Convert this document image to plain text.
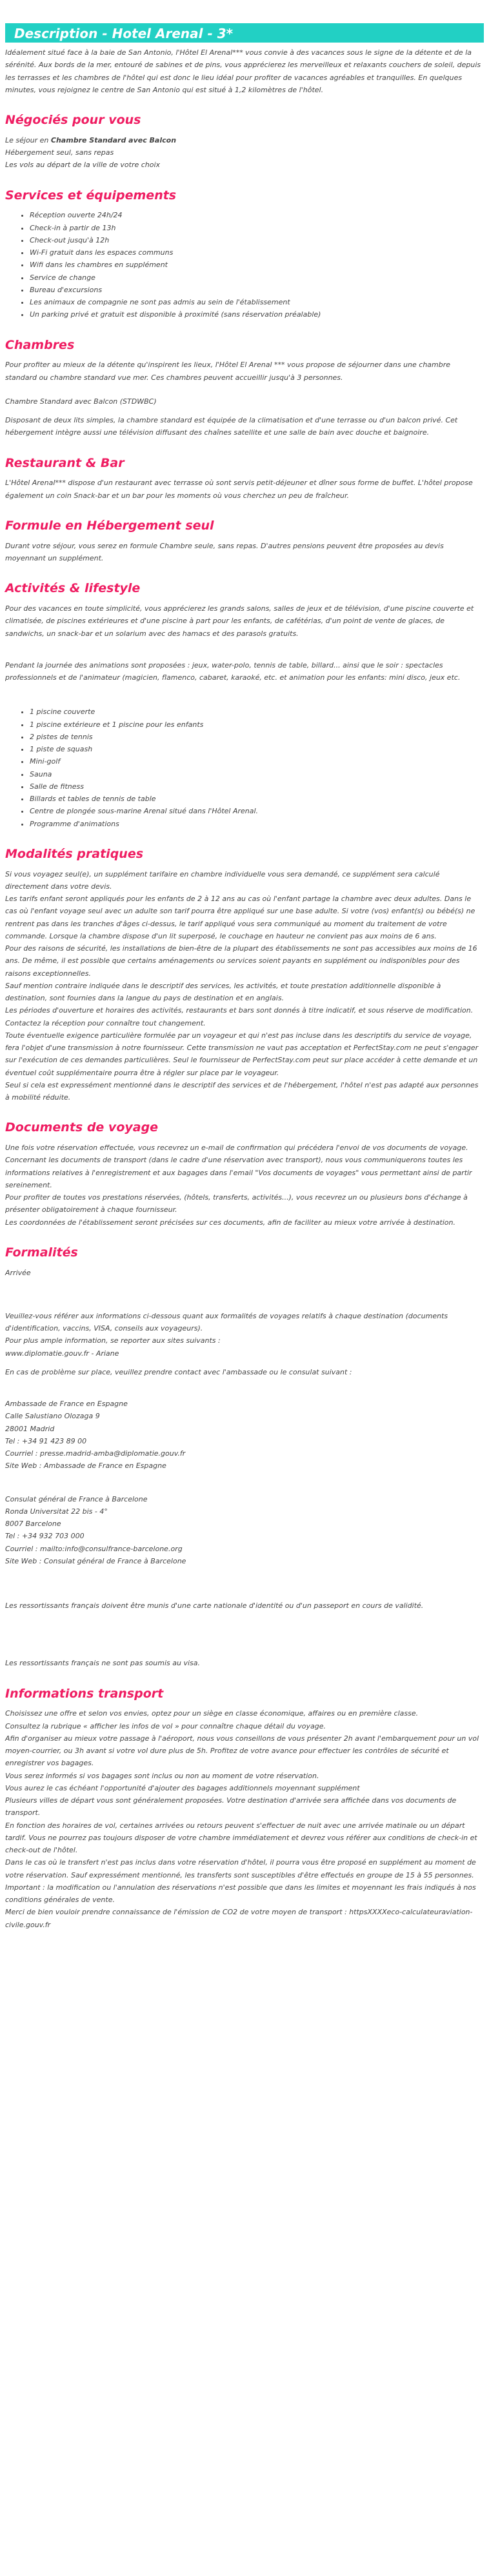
Description - Hotel Arenal - 3*

Idéalement situé face à la baie de San Antonio, l'Hôtel El Arenal*** vous convie à des vacances sous le signe de la détente et de la sérénité. Aux bords de la mer, entouré de sabines et de pins, vous apprécierez les merveilleux et relaxants couchers de soleil, depuis les terrasses et les chambres de l'hôtel qui est donc le lieu idéal pour profiter de vacances agréables et tranquilles. En quelques minutes, vous rejoignez le centre de San Antonio qui est situé à 1,2 kilomètres de l'hôtel.

Négociés pour vous
Le séjour en Chambre Standard avec Balcon
Hébergement seul, sans repas
Les vols au départ de la ville de votre choix
Services et équipements
• Réception ouverte 24h/24
• Check-in à partir de 13h
• Check-out jusqu'à 12h
• Wi-Fi gratuit dans les espaces communs
• Wifi dans les chambres en supplément
• Service de change
• Bureau d'excursions
• Les animaux de compagnie ne sont pas admis au sein de l'établissement
• Un parking privé et gratuit est disponible à proximité (sans réservation préalable)
Chambres

Pour profiter au mieux de la détente qu'inspirent les lieux, l'Hôtel El Arenal *** vous propose de séjourner dans une chambre standard ou chambre standard vue mer. Ces chambres peuvent accueillir jusqu'à 3 personnes.

Chambre Standard avec Balcon (STDWBC)

Disposant de deux lits simples, la chambre standard est équipée de la climatisation et d'une terrasse ou d'un balcon privé. Cet hébergement intègre aussi une télévision diffusant des chaînes satellite et une salle de bain avec douche et baignoire.

Restaurant & Bar

L'Hôtel Arenal*** dispose d'un restaurant avec terrasse où sont servis petit-déjeuner et dîner sous forme de buffet. L'hôtel propose également un coin Snack-bar et un bar pour les moments où vous cherchez un peu de fraîcheur.

Formule en Hébergement seul

Durant votre séjour, vous serez en formule Chambre seule, sans repas. D'autres pensions peuvent être proposées au devis moyennant un supplément.

Activités & lifestyle

Pour des vacances en toute simplicité, vous apprécierez les grands salons, salles de jeux et de télévision, d'une piscine couverte et climatisée, de piscines extérieures et d'une piscine à part pour les enfants, de cafétérias, d'un point de vente de glaces, de sandwichs, un snack-bar et un solarium avec des hamacs et des parasols gratuits.

Pendant la journée des animations sont proposées : jeux, water-polo, tennis de table, billard... ainsi que le soir : spectacles professionnels et de l'animateur (magicien, flamenco, cabaret, karaoké, etc. et animation pour les enfants: mini disco, jeux etc.

• 1 piscine couverte
• 1 piscine extérieure et 1 piscine pour les enfants
• 2 pistes de tennis
• 1 piste de squash
• Mini-golf
• Sauna
• Salle de fitness
• Billards et tables de tennis de table
• Centre de plongée sous-marine Arenal situé dans l'Hôtel Arenal.
• Programme d'animations
Modalités pratiques
Si vous voyagez seul(e), un supplément tarifaire en chambre individuelle vous sera demandé, ce supplément sera calculé directement dans votre devis.
Les tarifs enfant seront appliqués pour les enfants de 2 à 12 ans au cas où l'enfant partage la chambre avec deux adultes. Dans le cas où l'enfant voyage seul avec un adulte son tarif pourra être appliqué sur une base adulte. Si votre (vos) enfant(s) ou bébé(s) ne rentrent pas dans les tranches d'âges ci-dessus, le tarif appliqué vous sera communiqué au moment du traitement de votre commande. Lorsque la chambre dispose d'un lit superposé, le couchage en hauteur ne convient pas aux moins de 6 ans.
Pour des raisons de sécurité, les installations de bien-être de la plupart des établissements ne sont pas accessibles aux moins de 16 ans. De même, il est possible que certains aménagements ou services soient payants en supplément ou indisponibles pour des raisons exceptionnelles.
Sauf mention contraire indiquée dans le descriptif des services, les activités, et toute prestation additionnelle disponible à destination, sont fournies dans la langue du pays de destination et en anglais.
Les périodes d'ouverture et horaires des activités, restaurants et bars sont donnés à titre indicatif, et sous réserve de modification. Contactez la réception pour connaître tout changement.
Toute éventuelle exigence particulière formulée par un voyageur et qui n'est pas incluse dans les descriptifs du service de voyage, fera l'objet d'une transmission à notre fournisseur. Cette transmission ne vaut pas acceptation et PerfectStay.com ne peut s'engager sur l'exécution de ces demandes particulières. Seul le fournisseur de PerfectStay.com peut sur place accéder à cette demande et un éventuel coût supplémentaire pourra être à régler sur place par le voyageur.
Seul si cela est expressément mentionné dans le descriptif des services et de l'hébergement, l'hôtel n'est pas adapté aux personnes à mobilité réduite.
Documents de voyage
Une fois votre réservation effectuée, vous recevrez un e-mail de confirmation qui précédera l'envoi de vos documents de voyage.
Concernant les documents de transport (dans le cadre d'une réservation avec transport), nous vous communiquerons toutes les informations relatives à l'enregistrement et aux bagages dans l'email "Vos documents de voyages" vous permettant ainsi de partir sereinement.
Pour profiter de toutes vos prestations réservées, (hôtels, transferts, activités...), vous recevrez un ou plusieurs bons d'échange à présenter obligatoirement à chaque fournisseur.
Les coordonnées de l'établissement seront précisées sur ces documents, afin de faciliter au mieux votre arrivée à destination.
Formalités

Arrivée

Veuillez-vous référer aux informations ci-dessous quant aux formalités de voyages relatifs à chaque destination (documents d'identification, vaccins, VISA, conseils aux voyageurs).
Pour plus ample information, se reporter aux sites suivants :
www.diplomatie.gouv.fr - Ariane

En cas de problème sur place, veuillez prendre contact avec l'ambassade ou le consulat suivant :

Ambassade de France en Espagne
Calle Salustiano Olozaga 9
28001 Madrid
Tel : +34 91 423 89 00
Courriel : presse.madrid-amba@diplomatie.gouv.fr
Site Web : Ambassade de France en Espagne
Consulat général de France à Barcelone
Ronda Universitat 22 bis - 4°
8007 Barcelone
Tel : +34 932 703 000
Courriel : mailto:info@consulfrance-barcelone.org
Site Web : Consulat général de France à Barcelone

Les ressortissants français doivent être munis d'une carte nationale d'identité ou d'un passeport en cours de validité.

Les ressortissants français ne sont pas soumis au visa.

Informations transport
Choisissez une offre et selon vos envies, optez pour un siège en classe économique, affaires ou en première classe.
Consultez la rubrique « afficher les infos de vol » pour connaître chaque détail du voyage.
Afin d'organiser au mieux votre passage à l'aéroport, nous vous conseillons de vous présenter 2h avant l'embarquement pour un vol moyen-courrier, ou 3h avant si votre vol dure plus de 5h. Profitez de votre avance pour effectuer les contrôles de sécurité et enregistrer vos bagages.
Vous serez informés si vos bagages sont inclus ou non au moment de votre réservation.
Vous aurez le cas échéant l'opportunité d'ajouter des bagages additionnels moyennant supplément
Plusieurs villes de départ vous sont généralement proposées. Votre destination d'arrivée sera affichée dans vos documents de transport.
En fonction des horaires de vol, certaines arrivées ou retours peuvent s'effectuer de nuit avec une arrivée matinale ou un départ tardif. Vous ne pourrez pas toujours disposer de votre chambre immédiatement et devrez vous référer aux conditions de check-in et check-out de l'hôtel.
Dans le cas où le transfert n'est pas inclus dans votre réservation d'hôtel, il pourra vous être proposé en supplément au moment de votre réservation. Sauf expressément mentionné, les transferts sont susceptibles d'être effectués en groupe de 15 à 55 personnes.
Important : la modification ou l'annulation des réservations n'est possible que dans les limites et moyennant les frais indiqués à nos conditions générales de vente.
Merci de bien vouloir prendre connaissance de l'émission de CO2 de votre moyen de transport : httpsXXXXeco-calculateuraviation-civile.gouv.fr
